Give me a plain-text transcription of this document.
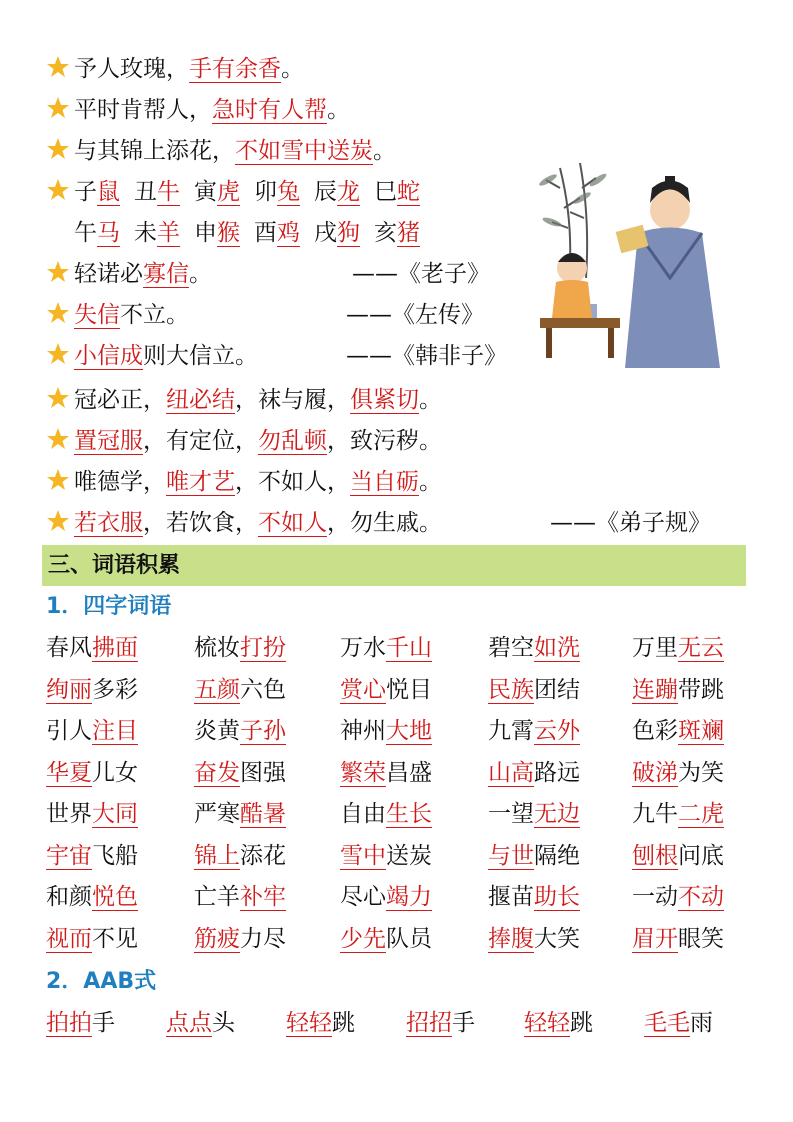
予人玫瑰，手有余香。
平时肯帮人，急时有人帮。
与其锦上添花，不如雪中送炭。
子鼠 丑牛 寅虎 卯兔 辰龙 巳蛇
午马 未羊 申猴 酉鸡 戌狗 亥猪
轻诺必寡信。	——《老子》
失信不立。	——《左传》
小信成则大信立。	——《韩非子》
冠必正，纽必结，袜与履，俱紧切。
置冠服，有定位，勿乱顿，致污秽。
唯德学，唯才艺，不如人，当自砺。
若衣服，若饮食，不如人，勿生戚。	——《弟子规》
三、词语积累
1．四字词语
春风拂面 梳妆打扮 万水千山 碧空如洗 万里无云
绚丽多彩 五颜六色 赏心悦目 民族团结 连蹦带跳
引人注目 炎黄子孙 神州大地 九霄云外 色彩斑斓
华夏儿女 奋发图强 繁荣昌盛 山高路远 破涕为笑
世界大同 严寒酷暑 自由生长 一望无边 九牛二虎
宇宙飞船 锦上添花 雪中送炭 与世隔绝 刨根问底
和颜悦色 亡羊补牢 尽心竭力 揠苗助长 一动不动
视而不见 筋疲力尽 少先队员 捧腹大笑 眉开眼笑
2．AAB式
拍拍手 点点头 轻轻跳 招招手 轻轻跳 毛毛雨
